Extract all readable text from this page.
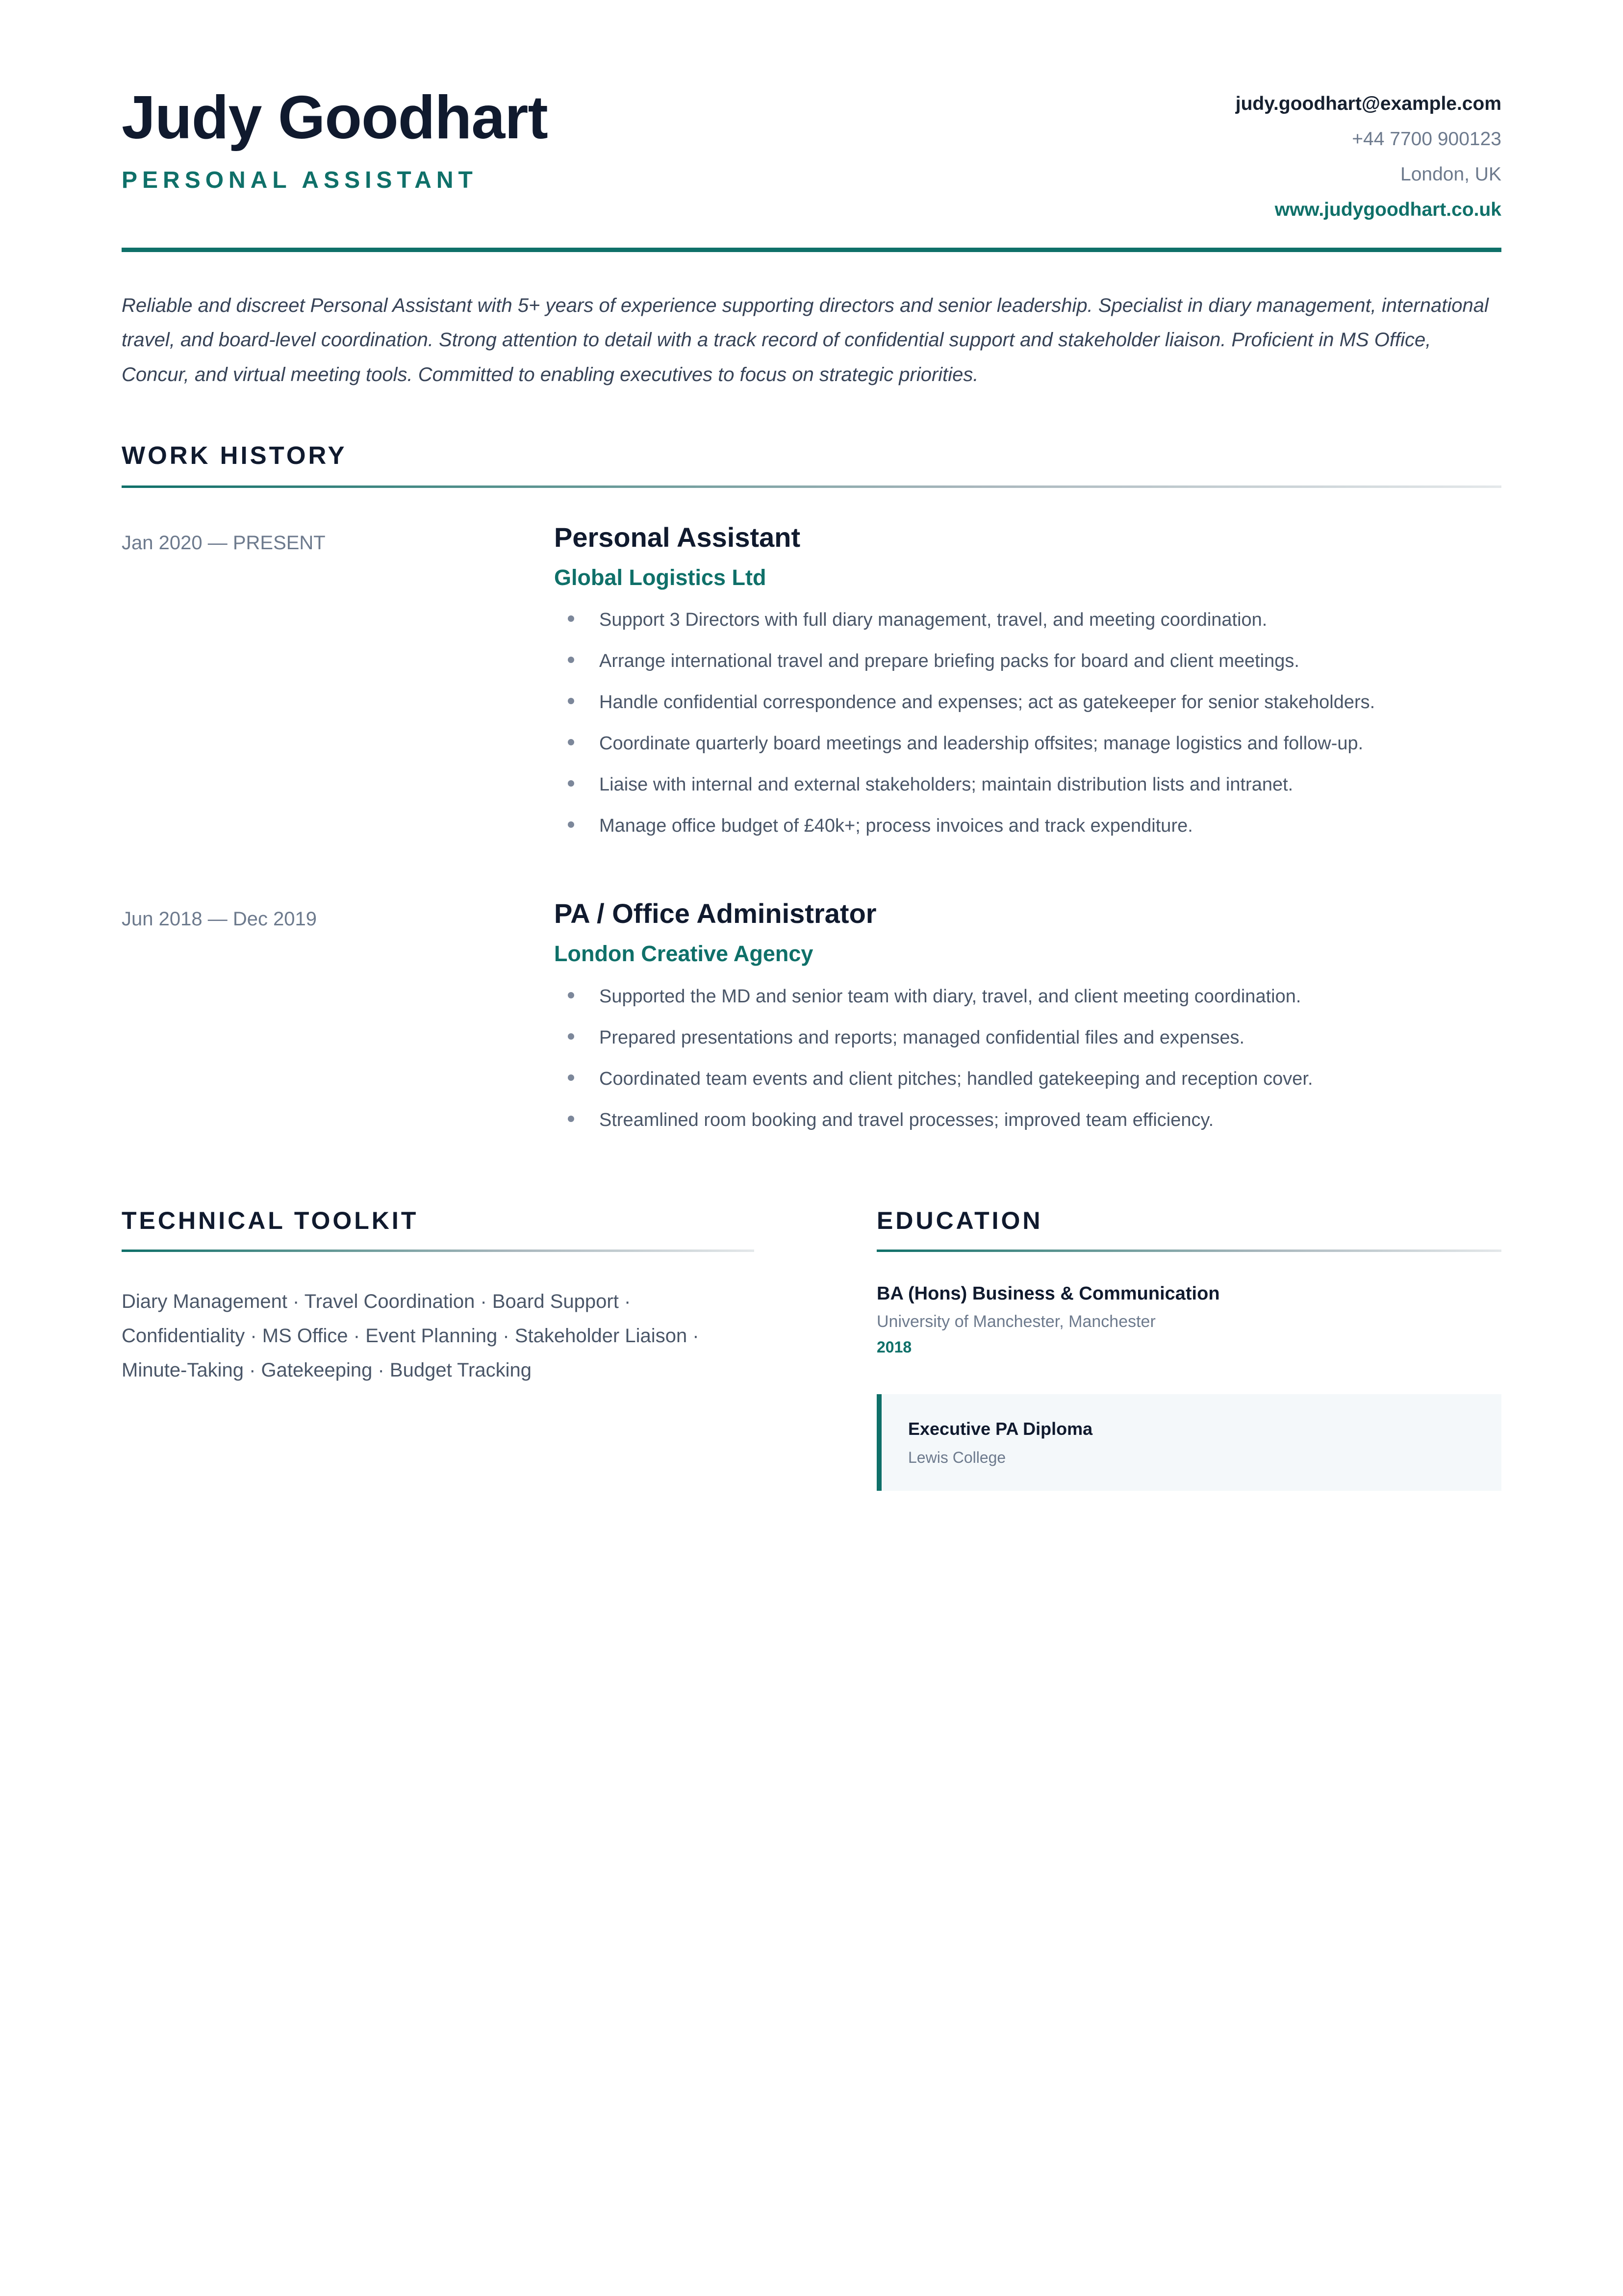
Judy Goodhart
PERSONAL ASSISTANT
judy.goodhart@example.com
+44 7700 900123
London, UK
www.judygoodhart.co.uk
Reliable and discreet Personal Assistant with 5+ years of experience supporting directors and senior leadership. Specialist in diary management, international travel, and board-level coordination. Strong attention to detail with a track record of confidential support and stakeholder liaison. Proficient in MS Office, Concur, and virtual meeting tools. Committed to enabling executives to focus on strategic priorities.
WORK HISTORY
Jan 2020 — PRESENT	Personal Assistant
Global Logistics Ltd
Support 3 Directors with full diary management, travel, and meeting coordination.
Arrange international travel and prepare briefing packs for board and client meetings.
Handle confidential correspondence and expenses; act as gatekeeper for senior stakeholders.
Coordinate quarterly board meetings and leadership offsites; manage logistics and follow-up.
Liaise with internal and external stakeholders; maintain distribution lists and intranet.
Manage office budget of £40k+; process invoices and track expenditure.
Jun 2018 — Dec 2019	PA / Office Administrator
London Creative Agency
Supported the MD and senior team with diary, travel, and client meeting coordination.
Prepared presentations and reports; managed confidential files and expenses.
Coordinated team events and client pitches; handled gatekeeping and reception cover.
Streamlined room booking and travel processes; improved team efficiency.
TECHNICAL TOOLKIT
Diary Management · Travel Coordination · Board Support · Confidentiality · MS Office · Event Planning · Stakeholder Liaison · Minute-Taking · Gatekeeping · Budget Tracking
EDUCATION
BA (Hons) Business & Communication
University of Manchester, Manchester
2018
Executive PA Diploma
Lewis College
